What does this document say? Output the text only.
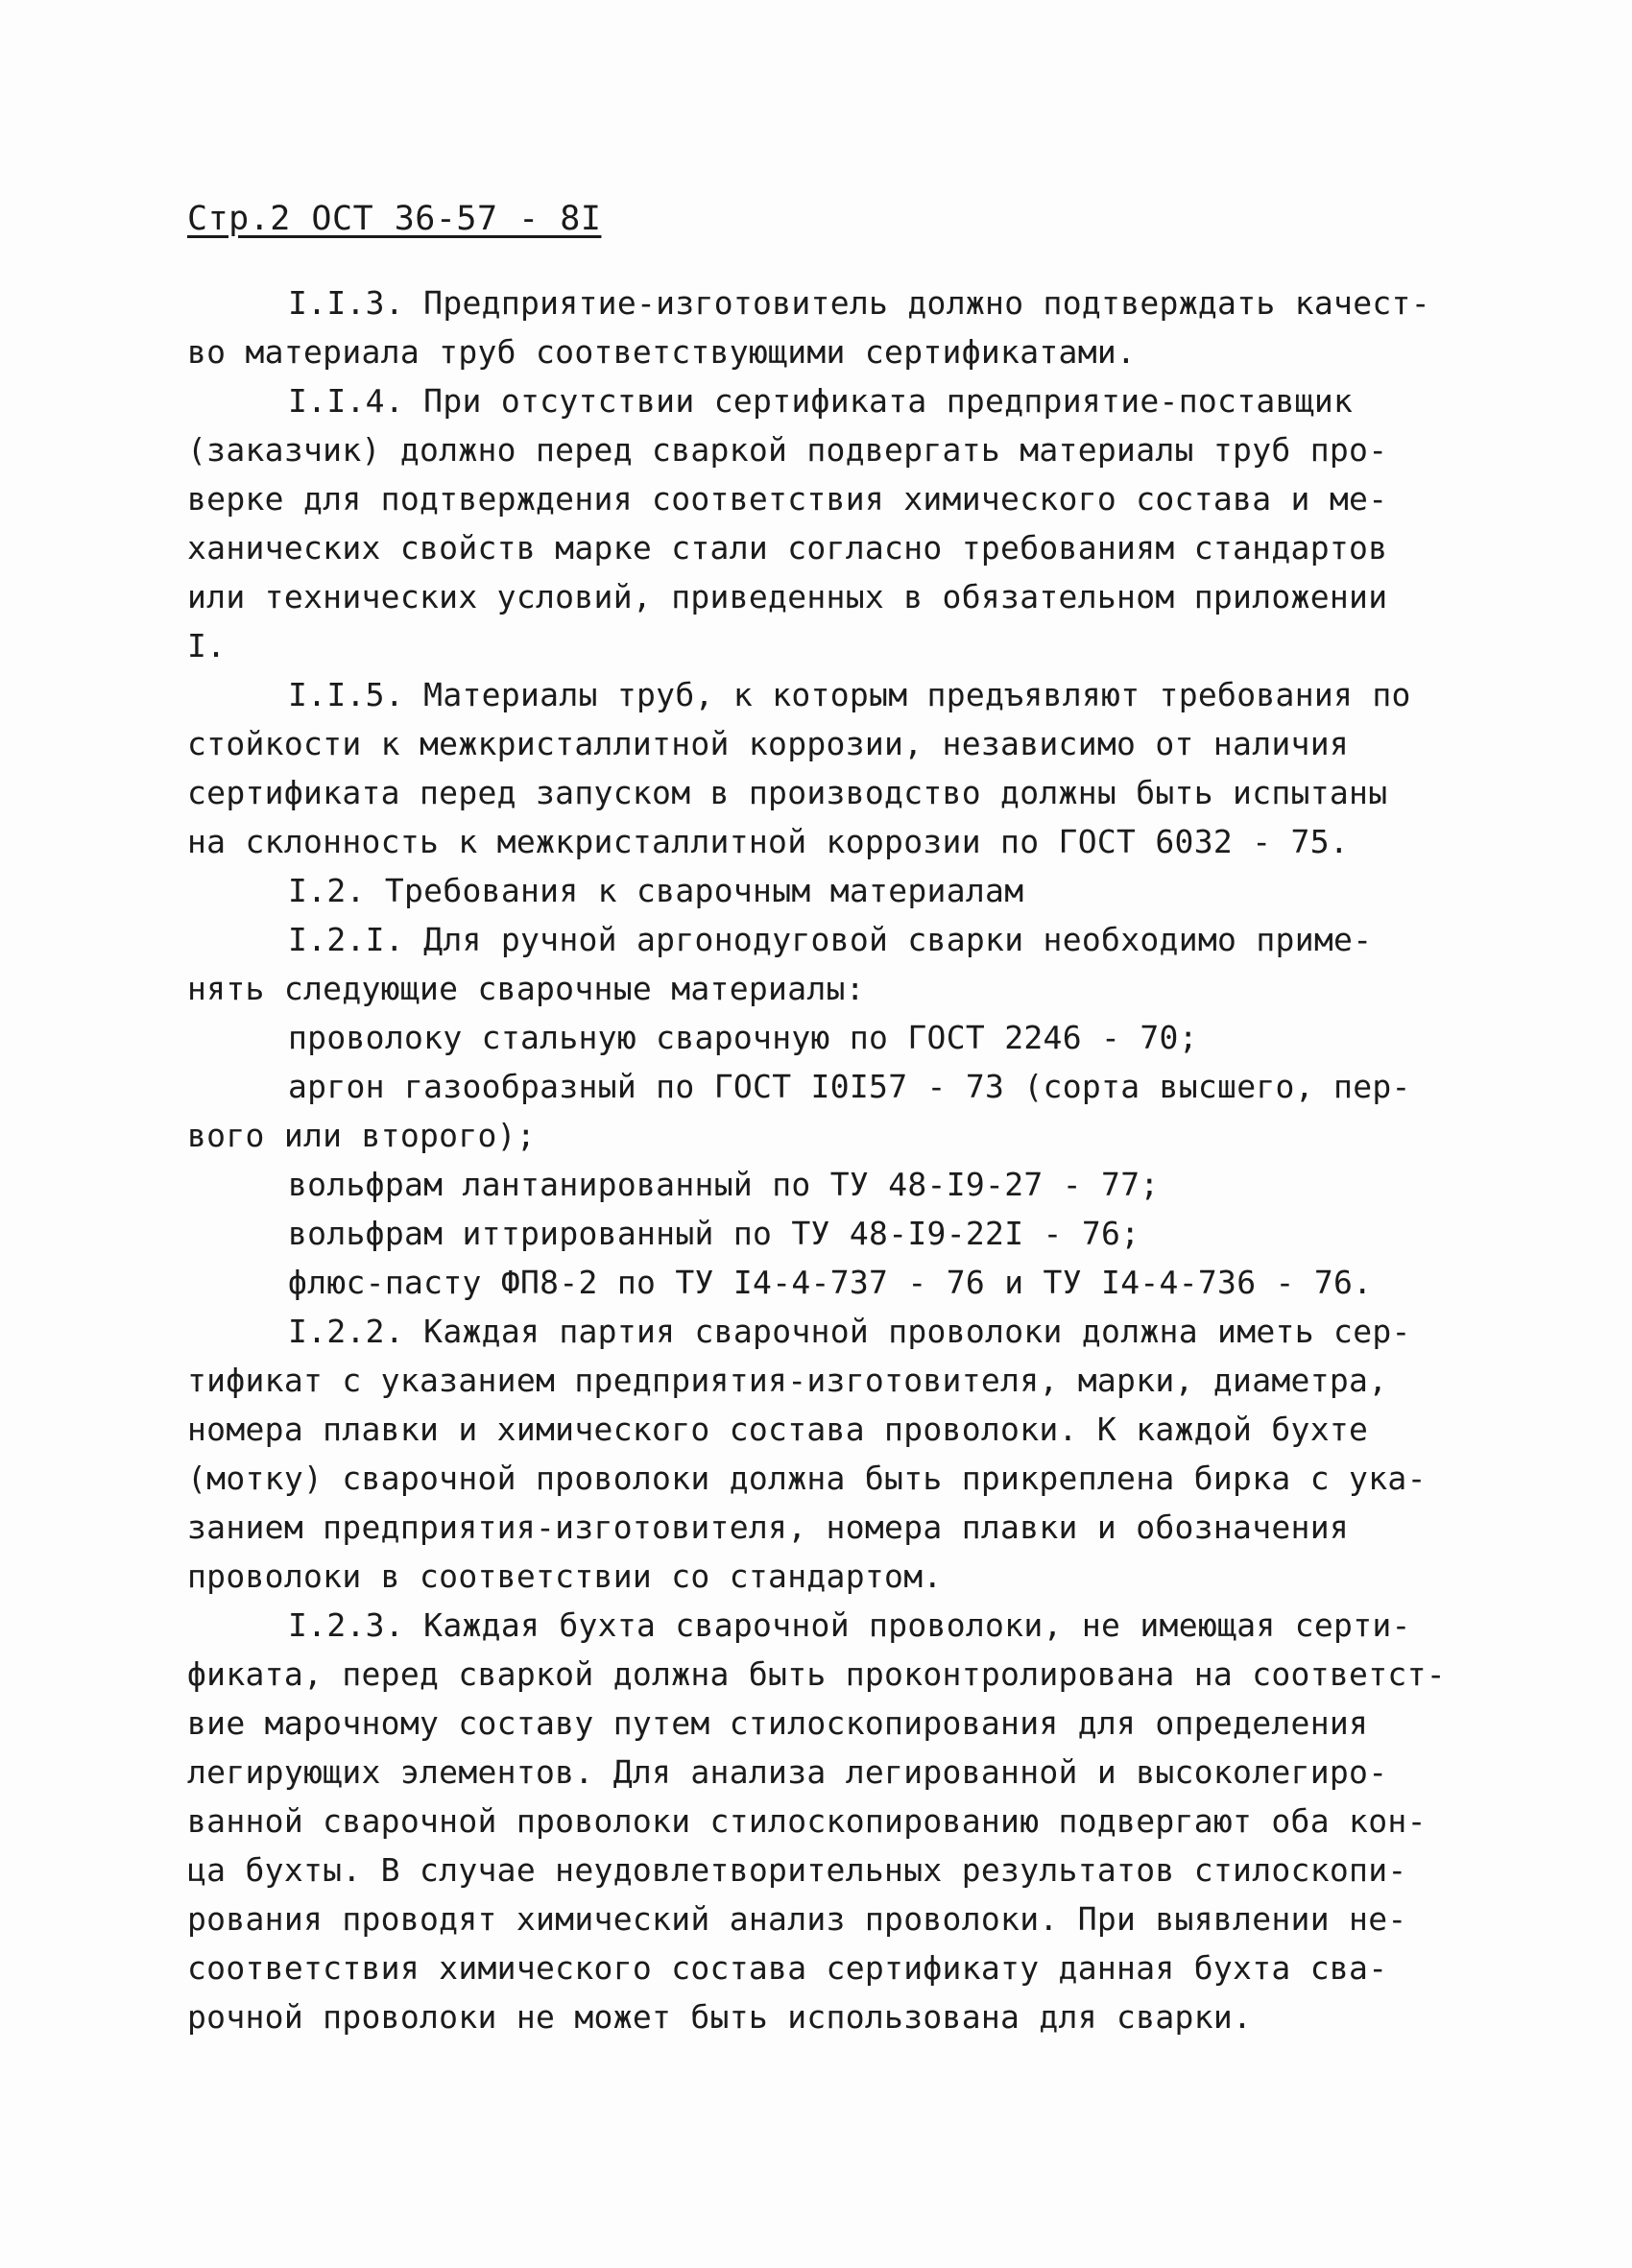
Стр.2 ОСТ 36-57 - 8I
I.I.3. Предприятие-изготовитель должно подтверждать качест-
во материала труб соответствующими сертификатами.
I.I.4. При отсутствии сертификата предприятие-поставщик
(заказчик) должно перед сваркой подвергать материалы труб про-
верке для подтверждения соответствия химического состава и ме-
ханических свойств марке стали согласно требованиям стандартов
или технических условий, приведенных в обязательном приложении
I.
I.I.5. Материалы труб, к которым предъявляют требования по
стойкости к межкристаллитной коррозии, независимо от наличия
сертификата перед запуском в производство должны быть испытаны
на склонность к межкристаллитной коррозии по ГОСТ 6032 - 75.
I.2. Требования к сварочным материалам
I.2.I. Для ручной аргонодуговой сварки необходимо приме-
нять следующие сварочные материалы:
проволоку стальную сварочную по ГОСТ 2246 - 70;
аргон газообразный по ГОСТ I0I57 - 73 (сорта высшего, пер-
вого или второго);
вольфрам лантанированный по ТУ 48-I9-27 - 77;
вольфрам иттрированный по ТУ 48-I9-22I - 76;
флюс-пасту ФП8-2 по ТУ I4-4-737 - 76 и ТУ I4-4-736 - 76.
I.2.2. Каждая партия сварочной проволоки должна иметь сер-
тификат с указанием предприятия-изготовителя, марки, диаметра,
номера плавки и химического состава проволоки. К каждой бухте
(мотку) сварочной проволоки должна быть прикреплена бирка с ука-
занием предприятия-изготовителя, номера плавки и обозначения
проволоки в соответствии со стандартом.
I.2.3. Каждая бухта сварочной проволоки, не имеющая серти-
фиката, перед сваркой должна быть проконтролирована на соответст-
вие марочному составу путем стилоскопирования для определения
легирующих элементов. Для анализа легированной и высоколегиро-
ванной сварочной проволоки стилоскопированию подвергают оба кон-
ца бухты. В случае неудовлетворительных результатов стилоскопи-
рования проводят химический анализ проволоки. При выявлении не-
соответствия химического состава сертификату данная бухта сва-
рочной проволоки не может быть использована для сварки.
